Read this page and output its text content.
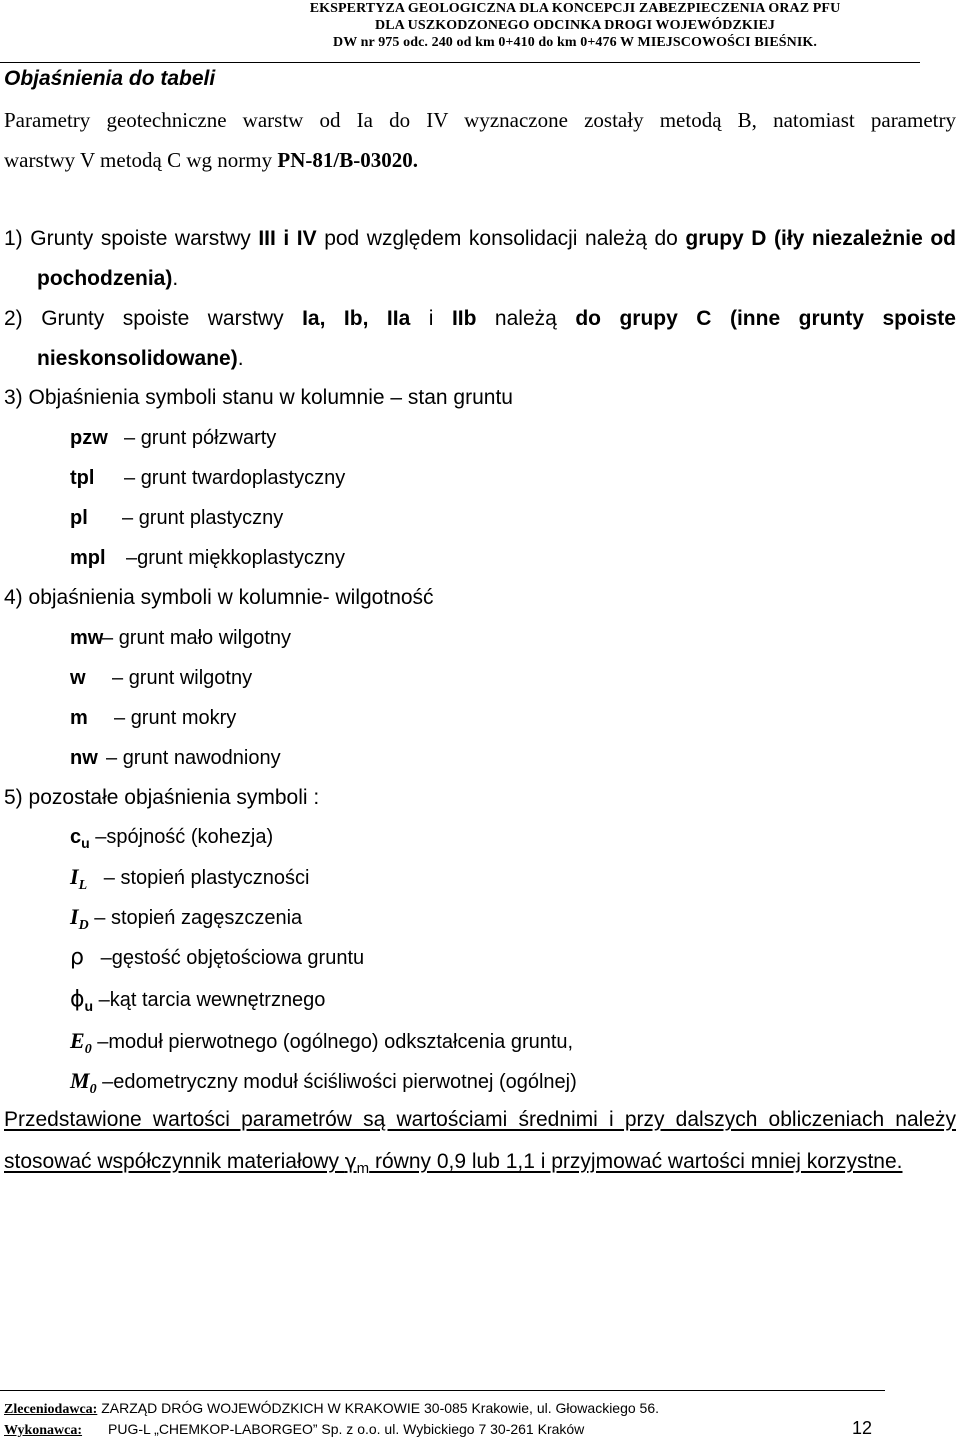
EKSPERTYZA GEOLOGICZNA DLA KONCEPCJI ZABEZPIECZENIA ORAZ PFU
DLA USZKODZONEGO ODCINKA DROGI WOJEWÓDZKIEJ
DW nr 975 odc. 240 od km 0+410 do km 0+476 W MIEJSCOWOŚCI BIEŚNIK.
Objaśnienia do tabeli
Parametry geotechniczne warstw od Ia do IV wyznaczone zostały metodą B, natomiast parametry
warstwy V metodą C wg normy PN-81/B-03020.
1) Grunty spoiste warstwy III i IV pod względem konsolidacji należą do grupy D (iły niezależnie od
pochodzenia).
2) Grunty spoiste warstwy Ia, Ib, IIa i IIb należą do grupy C (inne grunty spoiste
nieskonsolidowane).
3) Objaśnienia symboli stanu w kolumnie – stan gruntu
pzw – grunt półzwarty
tpl – grunt twardoplastyczny
pl – grunt plastyczny
mpl –grunt miękkoplastyczny
4) objaśnienia symboli w kolumnie- wilgotność
mw– grunt mało wilgotny
w – grunt wilgotny
m – grunt mokry
nw – grunt nawodniony
5) pozostałe objaśnienia symboli :
$c_u$ –spójność (kohezja)
$I_L$ – stopień plastyczności
$I_D$ – stopień zagęszczenia
ρ –gęstość objętościowa gruntu
$\phi_u$ –kąt tarcia wewnętrznego
$E_0$ –moduł pierwotnego (ogólnego) odkształcenia gruntu,
$M_0$ –edometryczny moduł ściśliwości pierwotnej (ogólnej)
Przedstawione wartości parametrów są wartościami średnimi i przy dalszych obliczeniach należy
stosować współczynnik materiałowy $\gamma_m$ równy 0,9 lub 1,1 i przyjmować wartości mniej korzystne.
Zleceniodawca: ZARZĄD DRÓG WOJEWÓDZKICH W KRAKOWIE 30-085 Krakowie, ul. Głowackiego 56.
Wykonawca: PUG-L „CHEMKOP-LABORGEO” Sp. z o.o. ul. Wybickiego 7 30-261 Kraków	12
